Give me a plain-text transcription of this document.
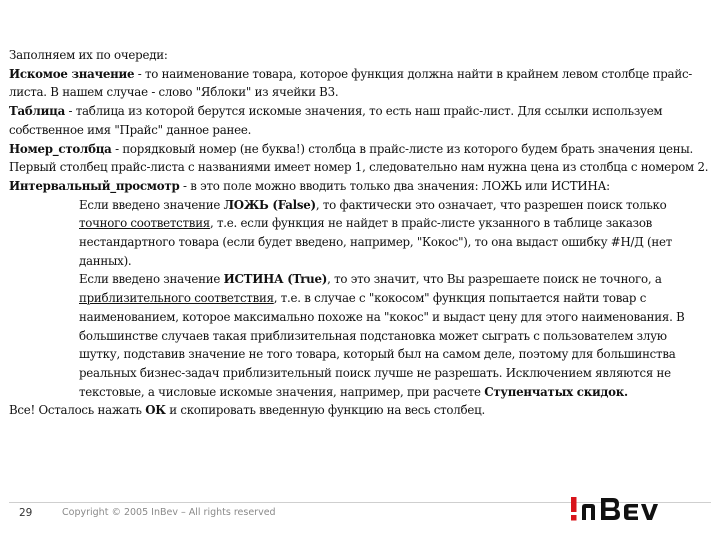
Заполняем их по очереди:

Искомое значение - то наименование товара, которое функция должна найти в крайнем левом столбце прайс-листа. В нашем случае - слово "Яблоки" из ячейки B3.

Таблица - таблица из которой берутся искомые значения, то есть наш прайс-лист. Для ссылки используем собственное имя "Прайс" данное ранее.

Номер_столбца - порядковый номер (не буква!) столбца в прайс-листе из которого будем брать значения цены. Первый столбец прайс-листа с названиями имеет номер 1, следовательно нам нужна цена из столбца с номером 2.

Интервальный_просмотр - в это поле можно вводить только два значения: ЛОЖЬ или ИСТИНА:

Если введено значение ЛОЖЬ (False), то фактически это означает, что разрешен поиск только точного соответствия, т.е. если функция не найдет в прайс-листе укзанного в таблице заказов нестандартного товара (если будет введено, например, "Кокос"), то она выдаст ошибку #Н/Д (нет данных).

Если введено значение ИСТИНА (True), то это значит, что Вы разрешаете поиск не точного, а приблизительного соответствия, т.е. в случае с "кокосом" функция попытается найти товар с наименованием, которое максимально похоже на "кокос" и выдаст цену для этого наименования. В большинстве случаев такая приблизительная подстановка может сыграть с пользователем злую шутку, подставив значение не того товара, который был на самом деле, поэтому для большинства реальных бизнес-задач приблизительный поиск лучше не разрешать. Исключением являются не текстовые, а числовые искомые значения, например, при расчете Ступенчатых скидок.

Все! Осталось нажать ОК и скопировать введенную функцию на весь столбец.

29	Copyright © 2005 InBev – All rights reserved
